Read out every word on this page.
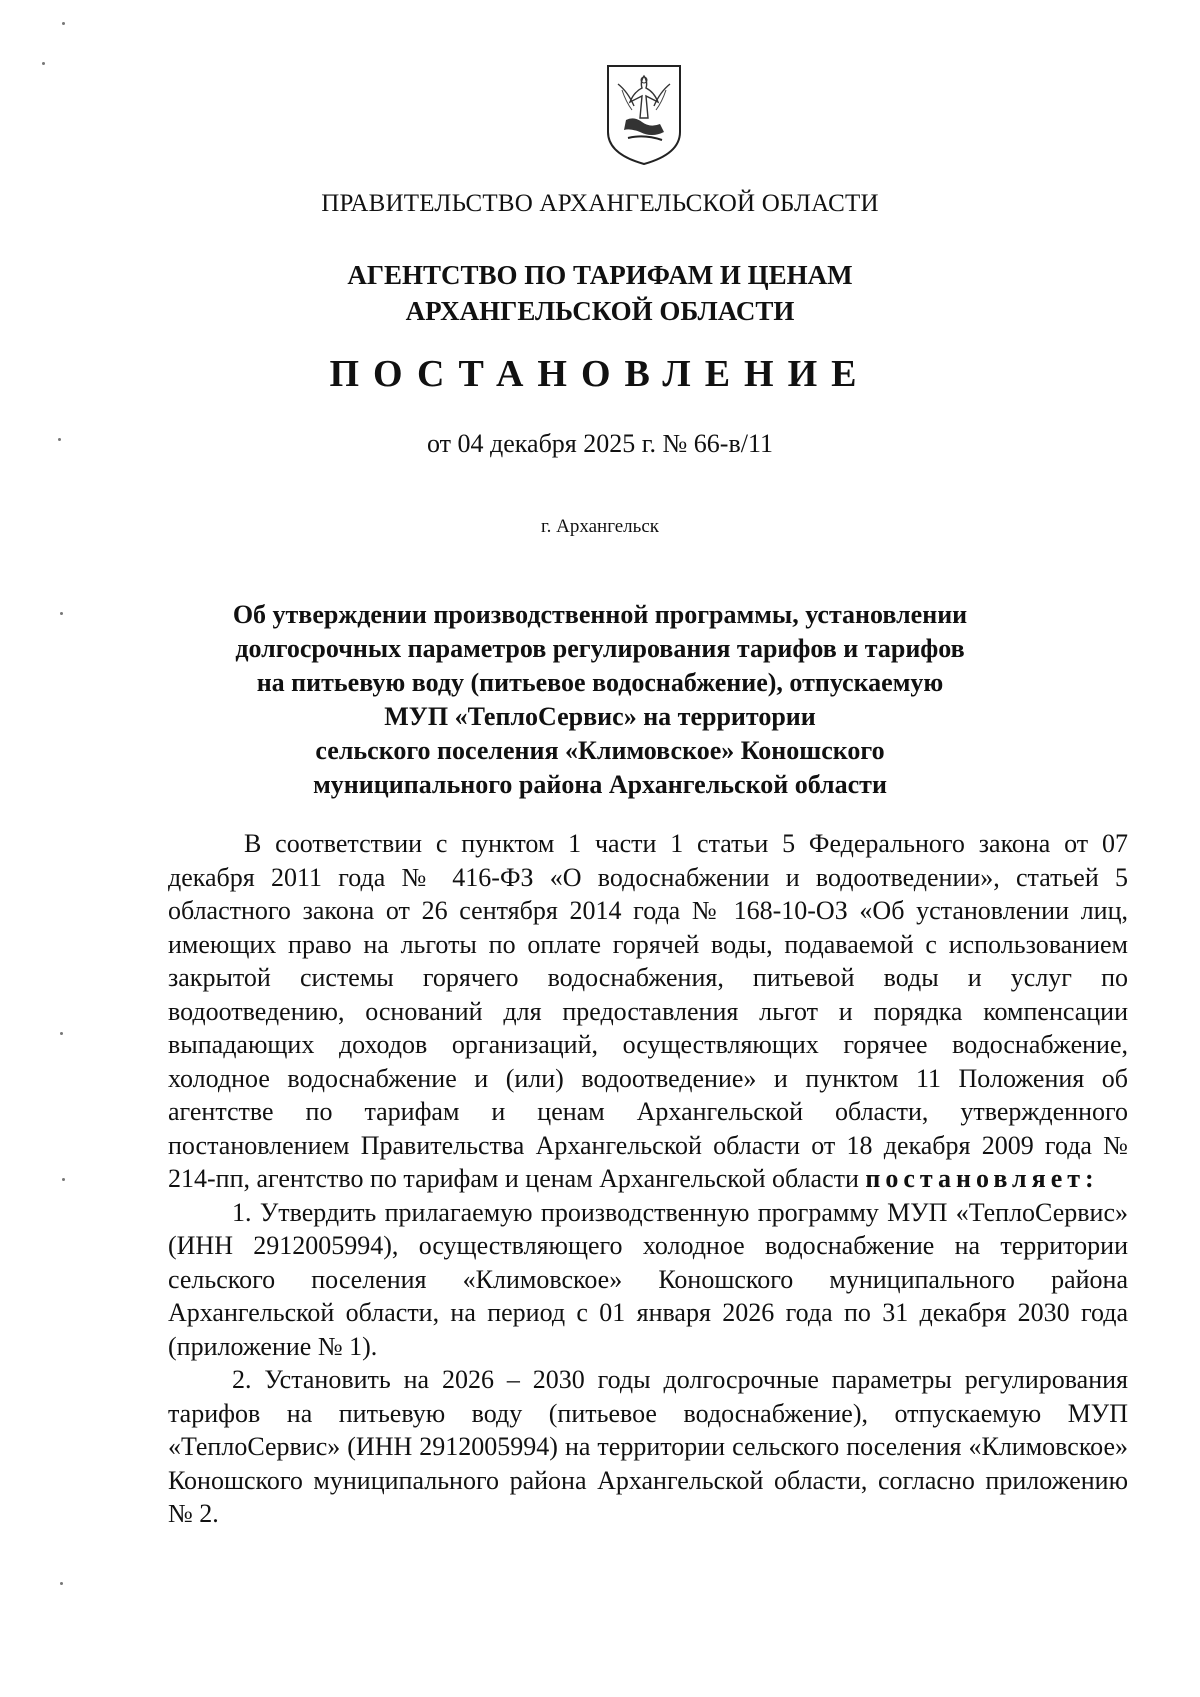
ПРАВИТЕЛЬСТВО АРХАНГЕЛЬСКОЙ ОБЛАСТИ
АГЕНТСТВО ПО ТАРИФАМ И ЦЕНАМ
АРХАНГЕЛЬСКОЙ ОБЛАСТИ
ПОСТАНОВЛЕНИЕ
от 04 декабря 2025 г. № 66-в/11
г. Архангельск
Об утверждении производственной программы, установлении
долгосрочных параметров регулирования тарифов и тарифов
на питьевую воду (питьевое водоснабжение), отпускаемую
МУП «ТеплоСервис» на территории
сельского поселения «Климовское» Коношского
муниципального района Архангельской области

В соответствии с пунктом 1 части 1 статьи 5 Федерального закона от 07 декабря 2011 года № 416-ФЗ «О водоснабжении и водоотведении», статьей 5 областного закона от 26 сентября 2014 года № 168-10-ОЗ «Об установлении лиц, имеющих право на льготы по оплате горячей воды, подаваемой с использованием закрытой системы горячего водоснабжения, питьевой воды и услуг по водоотведению, оснований для предоставления льгот и порядка компенсации выпадающих доходов организаций, осуществляющих горячее водоснабжение, холодное водоснабжение и (или) водоотведение» и пунктом 11 Положения об агентстве по тарифам и ценам Архангельской области, утвержденного постановлением Правительства Архангельской области от 18 декабря 2009 года № 214-пп, агентство по тарифам и ценам Архангельской области постановляет:

1. Утвердить прилагаемую производственную программу МУП «ТеплоСервис» (ИНН 2912005994), осуществляющего холодное водоснабжение на территории сельского поселения «Климовское» Коношского муниципального района Архангельской области, на период с 01 января 2026 года по 31 декабря 2030 года (приложение № 1).

2. Установить на 2026 – 2030 годы долгосрочные параметры регулирования тарифов на питьевую воду (питьевое водоснабжение), отпускаемую МУП «ТеплоСервис» (ИНН 2912005994) на территории сельского поселения «Климовское» Коношского муниципального района Архангельской области, согласно приложению № 2.
